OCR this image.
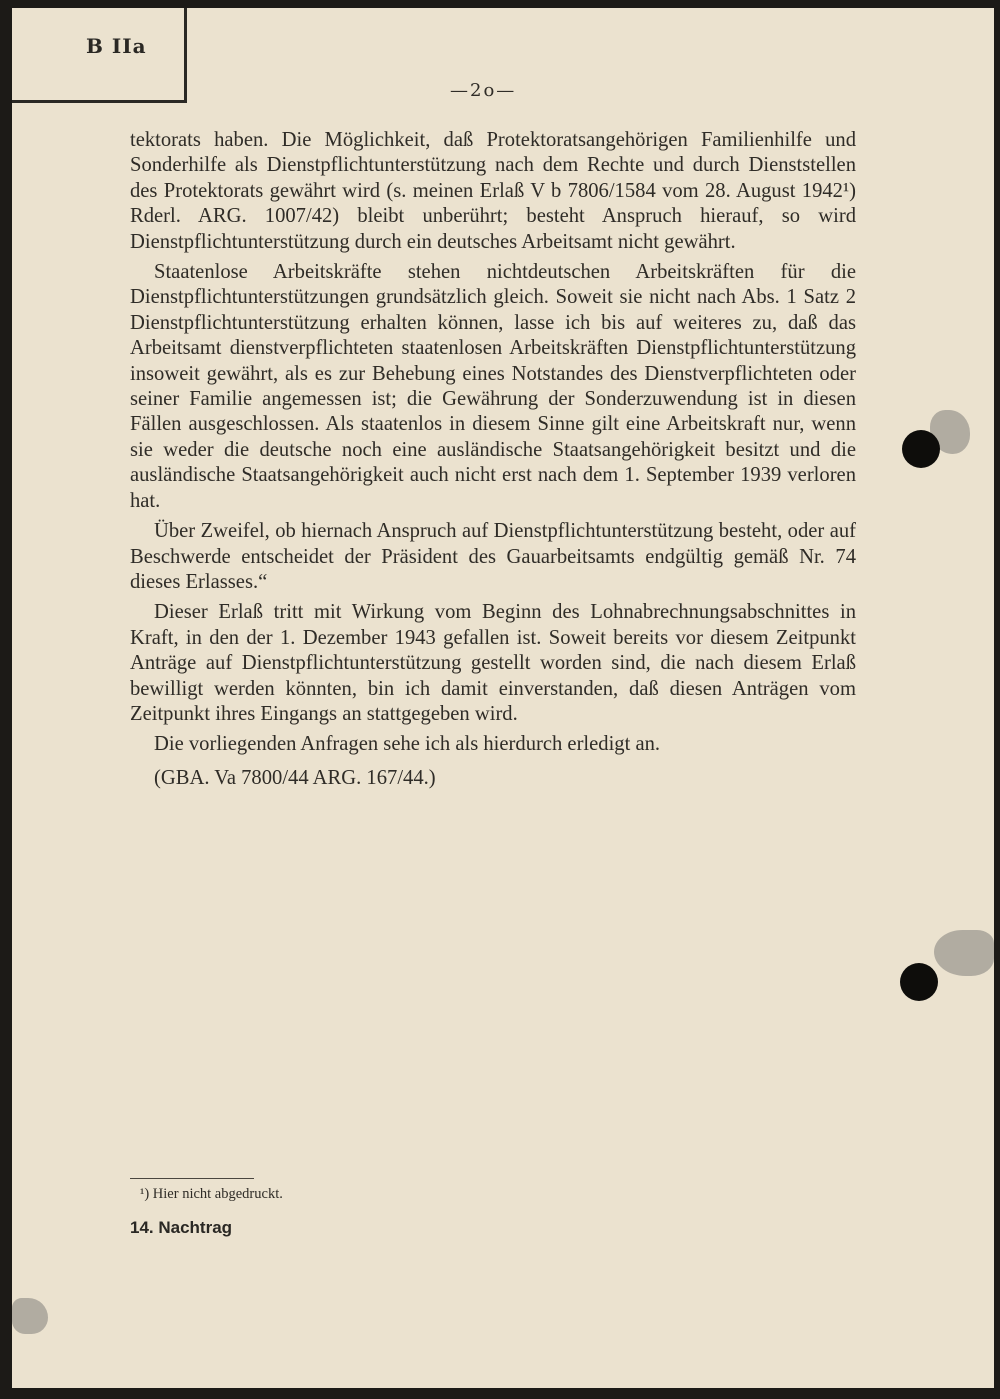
B IIa
—2o—

tektorats haben. Die Möglichkeit, daß Protektoratsangehörigen Familienhilfe und Sonderhilfe als Dienstpflichtunterstützung nach dem Rechte und durch Dienststellen des Protektorats gewährt wird (s. meinen Erlaß V b 7806/1584 vom 28. August 1942¹) Rderl. ARG. 1007/42) bleibt unberührt; besteht Anspruch hierauf, so wird Dienstpflichtunterstützung durch ein deutsches Arbeitsamt nicht gewährt.

Staatenlose Arbeitskräfte stehen nichtdeutschen Arbeitskräften für die Dienstpflichtunterstützungen grundsätzlich gleich. Soweit sie nicht nach Abs. 1 Satz 2 Dienstpflichtunterstützung erhalten können, lasse ich bis auf weiteres zu, daß das Arbeitsamt dienstverpflichteten staatenlosen Arbeitskräften Dienstpflichtunterstützung insoweit gewährt, als es zur Behebung eines Notstandes des Dienstverpflichteten oder seiner Familie angemessen ist; die Gewährung der Sonderzuwendung ist in diesen Fällen ausgeschlossen. Als staatenlos in diesem Sinne gilt eine Arbeitskraft nur, wenn sie weder die deutsche noch eine ausländische Staatsangehörigkeit besitzt und die ausländische Staatsangehörigkeit auch nicht erst nach dem 1. September 1939 verloren hat.

Über Zweifel, ob hiernach Anspruch auf Dienstpflichtunterstützung besteht, oder auf Beschwerde entscheidet der Präsident des Gauarbeitsamts endgültig gemäß Nr. 74 dieses Erlasses.“

Dieser Erlaß tritt mit Wirkung vom Beginn des Lohnabrechnungsabschnittes in Kraft, in den der 1. Dezember 1943 gefallen ist. Soweit bereits vor diesem Zeitpunkt Anträge auf Dienstpflichtunterstützung gestellt worden sind, die nach diesem Erlaß bewilligt werden könnten, bin ich damit einverstanden, daß diesen Anträgen vom Zeitpunkt ihres Eingangs an stattgegeben wird.

Die vorliegenden Anfragen sehe ich als hierdurch erledigt an.

(GBA. Va 7800/44 ARG. 167/44.)

¹) Hier nicht abgedruckt.
14. Nachtrag
